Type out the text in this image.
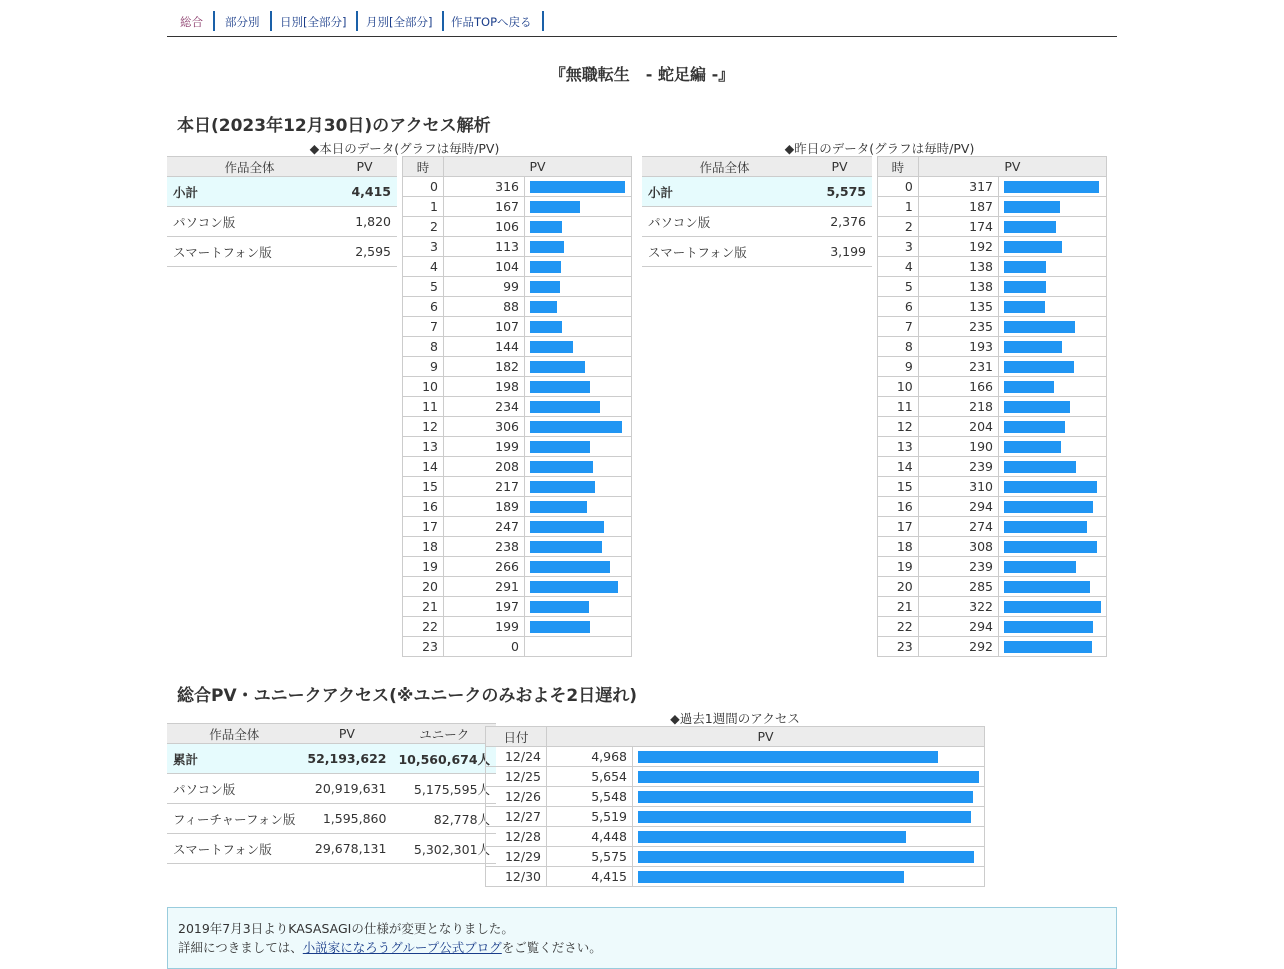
総合	部分別	日別[全部分]	月別[全部分]	作品TOPへ戻る
『無職転生　- 蛇足編 -』
本日(2023年12月30日)のアクセス解析
◆本日のデータ(グラフは毎時/PV)	◆昨日のデータ(グラフは毎時/PV)
作品全体	PV
小計	4,415
パソコン版	1,820
スマートフォン版	2,595
時	PV	
0	316	

1	167	

2	106	

3	113	

4	104	

5	99	

6	88	

7	107	

8	144	

9	182	

10	198	

11	234	

12	306	

13	199	

14	208	

15	217	

16	189	

17	247	

18	238	

19	266	

20	291	

21	197	

22	199	

23	0	
作品全体	PV
小計	5,575
パソコン版	2,376
スマートフォン版	3,199
時	PV	
0	317	

1	187	

2	174	

3	192	

4	138	

5	138	

6	135	

7	235	

8	193	

9	231	

10	166	

11	218	

12	204	

13	190	

14	239	

15	310	

16	294	

17	274	

18	308	

19	239	

20	285	

21	322	

22	294	

23	292	
総合PV・ユニークアクセス(※ユニークのみおよそ2日遅れ)
作品全体	PV	ユニーク
累計	52,193,622	10,560,674人
パソコン版	20,919,631	5,175,595人
フィーチャーフォン版	1,595,860	82,778人
スマートフォン版	29,678,131	5,302,301人
◆過去1週間のアクセス
日付	PV	
12/24	4,968	

12/25	5,654	

12/26	5,548	

12/27	5,519	

12/28	4,448	

12/29	5,575	

12/30	4,415	

2019年7月3日よりKASASAGIの仕様が変更となりました。

詳細につきましては、小説家になろうグループ公式ブログをご覧ください。
